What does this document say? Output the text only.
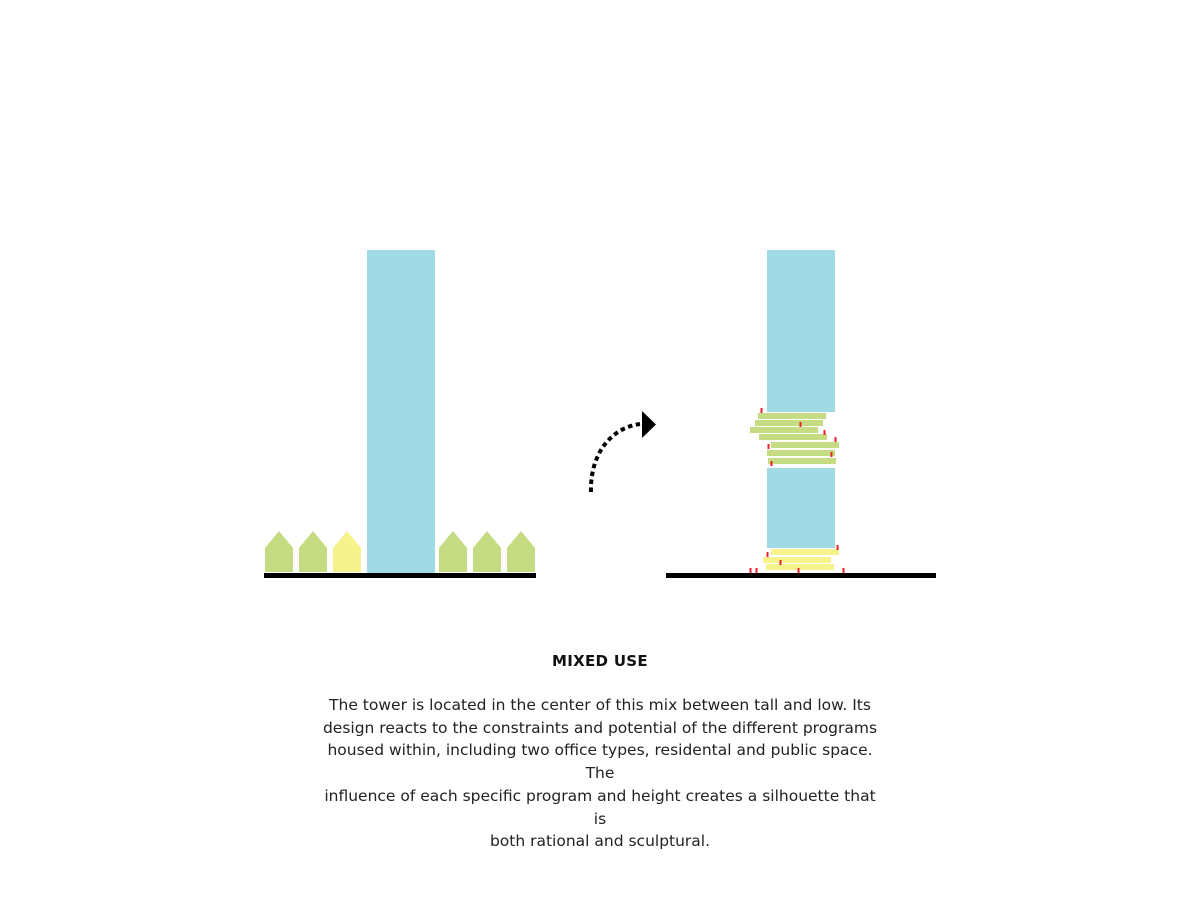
MIXED USE
The tower is located in the center of this mix between tall and low. Its
design reacts to the constraints and potential of the different programs
housed within, including two office types, residental and public space. The
influence of each specific program and height creates a silhouette that is
both rational and sculptural.
